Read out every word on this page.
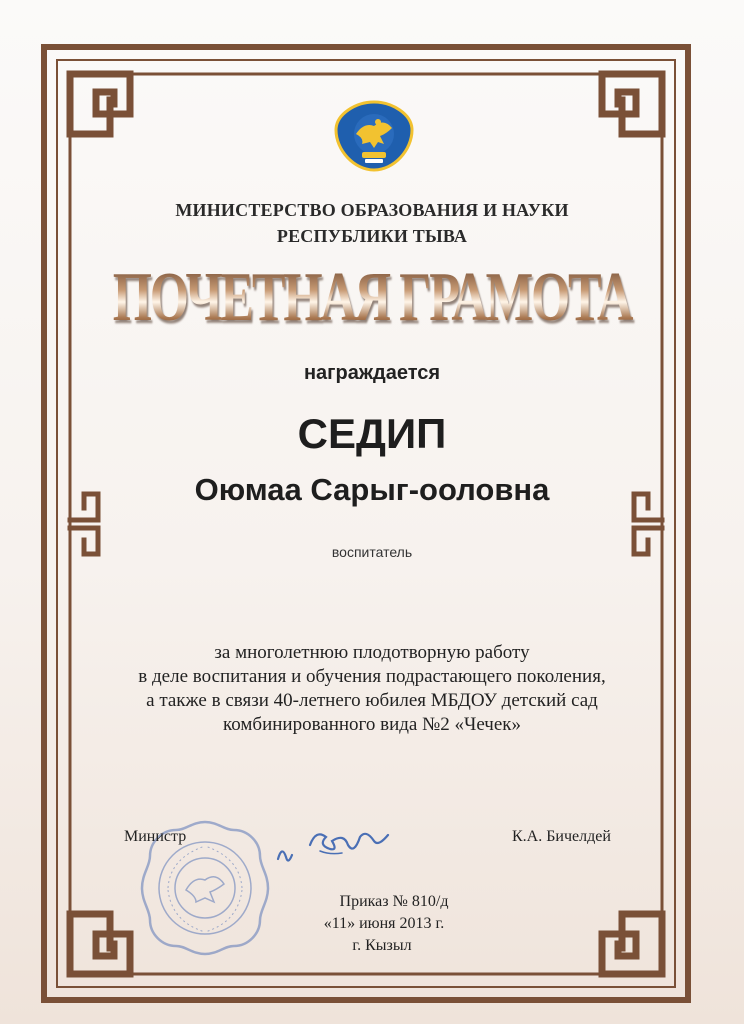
МИНИСТЕРСТВО ОБРАЗОВАНИЯ И НАУКИ
РЕСПУБЛИКИ ТЫВА
ПОЧЕТНАЯ ГРАМОТА
награждается
СЕДИП
Оюмаа Сарыг-ооловна
воспитатель
за многолетнюю плодотворную работу
в деле воспитания и обучения подрастающего поколения,
а также в связи 40-летнего юбилея МБДОУ детский сад
комбинированного вида №2 «Чечек»
Министр	К.А. Бичелдей
Приказ № 810/д
«11» июня 2013 г.
г. Кызыл
